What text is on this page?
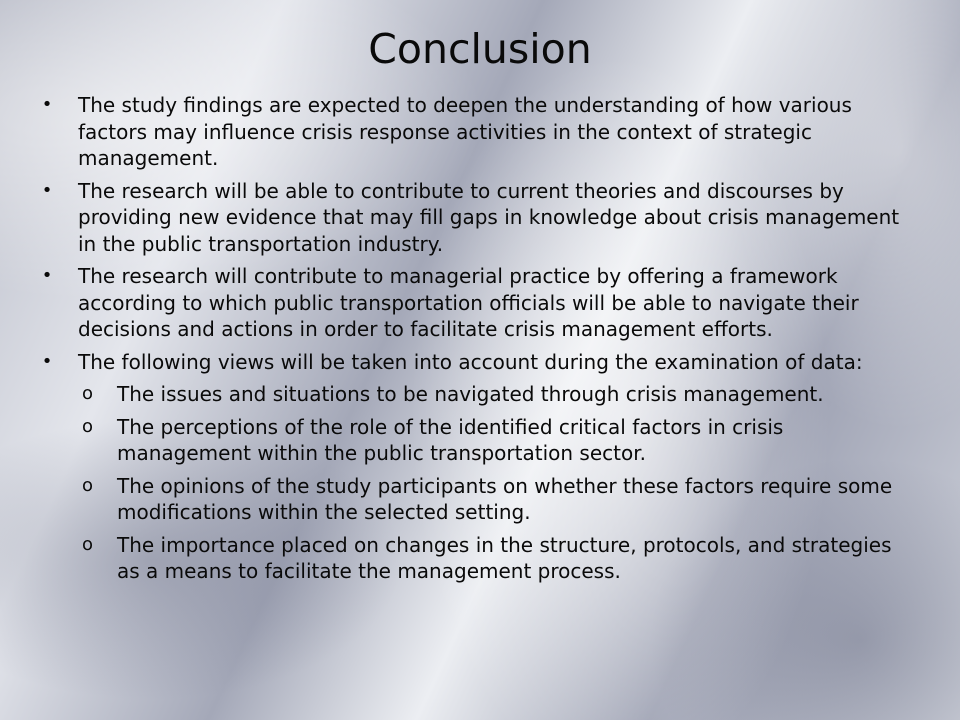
Conclusion
• The study findings are expected to deepen the understanding of how various factors may influence crisis response activities in the context of strategic management.
• The research will be able to contribute to current theories and discourses by providing new evidence that may fill gaps in knowledge about crisis management in the public transportation industry.
• The research will contribute to managerial practice by offering a framework according to which public transportation officials will be able to navigate their decisions and actions in order to facilitate crisis management efforts.
• The following views will be taken into account during the examination of data:
o The issues and situations to be navigated through crisis management.
o The perceptions of the role of the identified critical factors in crisis management within the public transportation sector.
o The opinions of the study participants on whether these factors require some modifications within the selected setting.
o The importance placed on changes in the structure, protocols, and strategies as a means to facilitate the management process.
